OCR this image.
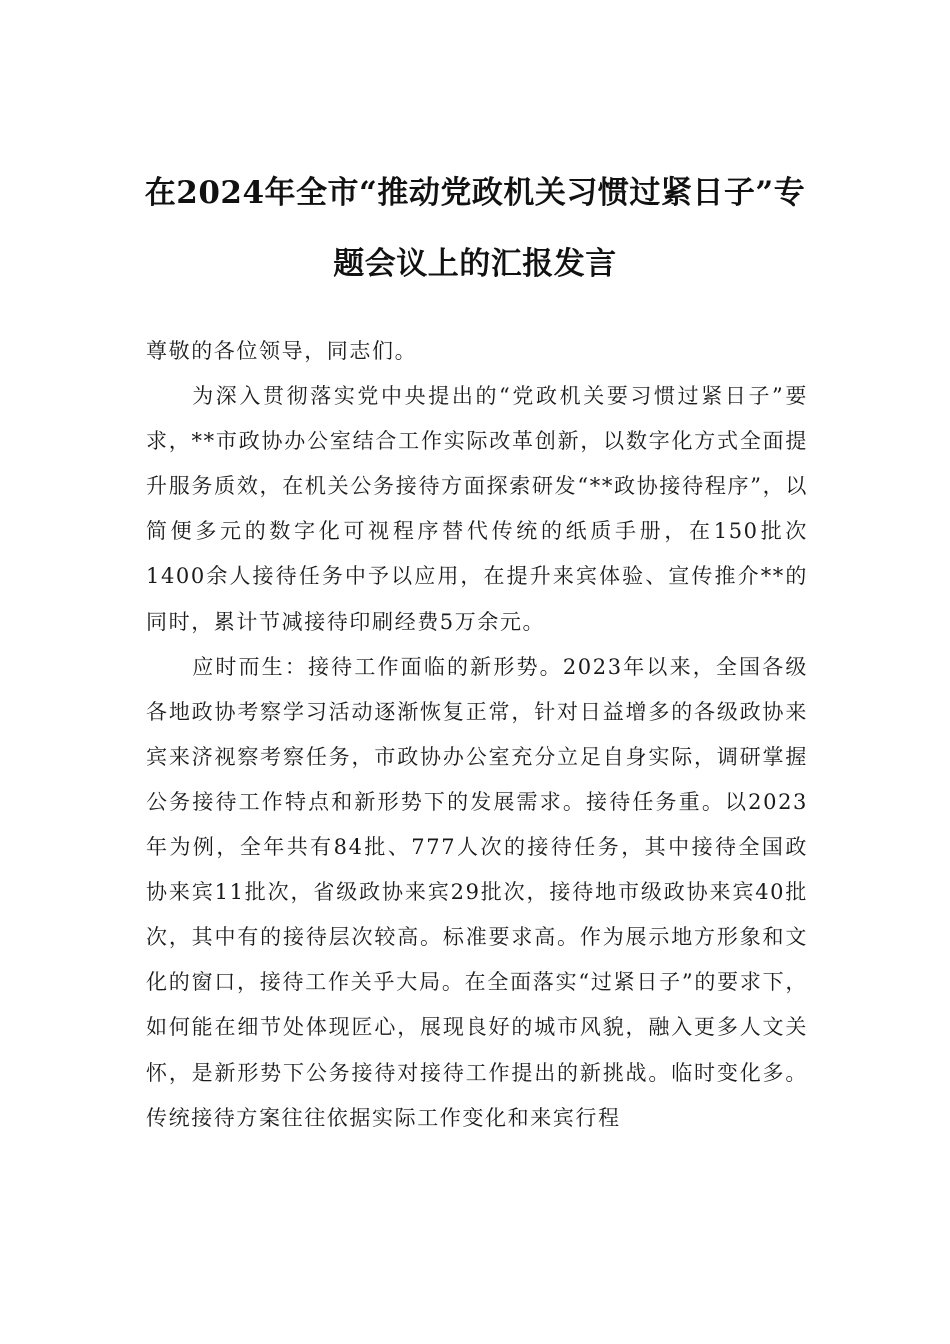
在2024年全市“推动党政机关习惯过紧日子”专题会议上的汇报发言

尊敬的各位领导，同志们。

为深入贯彻落实党中央提出的“党政机关要习惯过紧日子”要求，**市政协办公室结合工作实际改革创新，以数字化方式全面提升服务质效，在机关公务接待方面探索研发“**政协接待程序”，以简便多元的数字化可视程序替代传统的纸质手册，在150批次1400余人接待任务中予以应用，在提升来宾体验、宣传推介**的同时，累计节减接待印刷经费5万余元。

应时而生：接待工作面临的新形势。2023年以来，全国各级各地政协考察学习活动逐渐恢复正常，针对日益增多的各级政协来宾来济视察考察任务，市政协办公室充分立足自身实际，调研掌握公务接待工作特点和新形势下的发展需求。接待任务重。以2023年为例，全年共有84批、777人次的接待任务，其中接待全国政协来宾11批次，省级政协来宾29批次，接待地市级政协来宾40批次，其中有的接待层次较高。标准要求高。作为展示地方形象和文化的窗口，接待工作关乎大局。在全面落实“过紧日子”的要求下，如何能在细节处体现匠心，展现良好的城市风貌，融入更多人文关怀，是新形势下公务接待对接待工作提出的新挑战。临时变化多。传统接待方案往往依据实际工作变化和来宾行程
